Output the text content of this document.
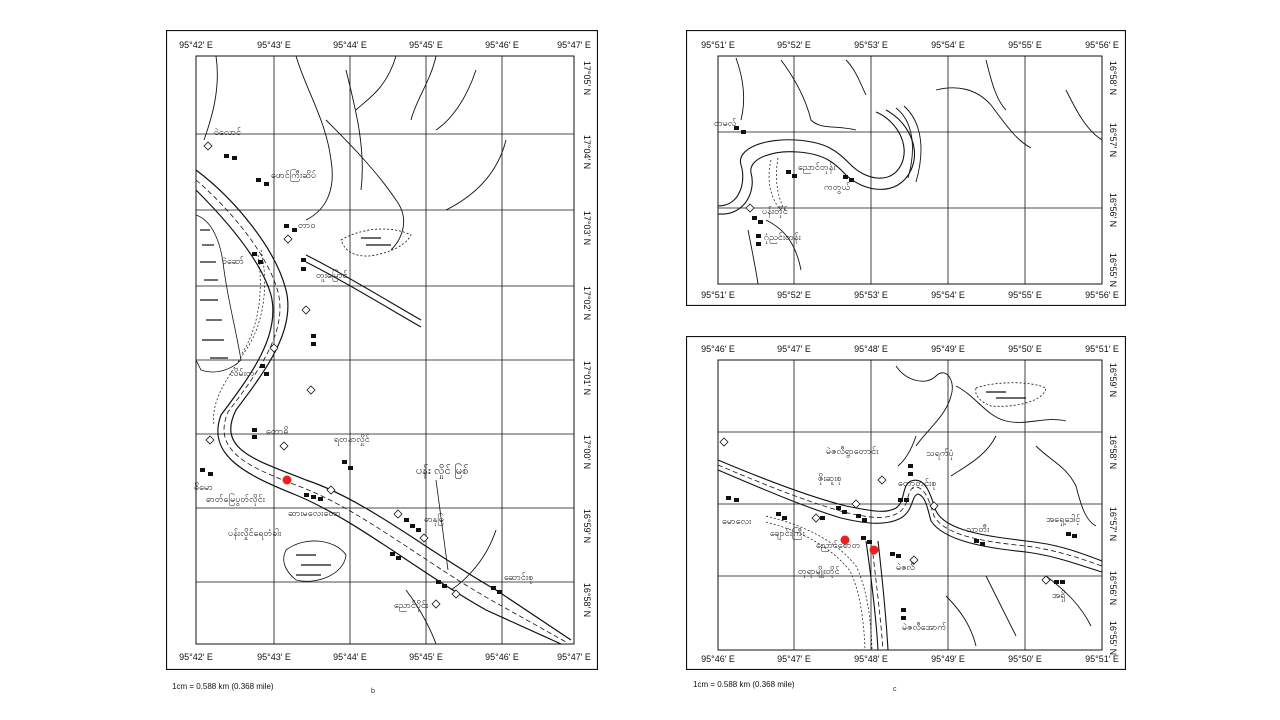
95°42′ E	95°43′ E	95°44′ E	95°45′ E	95°46′ E	95°47′ E
95°42′ E	95°43′ E	95°44′ E	95°45′ E	95°46′ E	95°47′ E
17°05′ N
17°04′ N
17°03′ N
17°02′ N
17°01′ N
17°00′ N
16°59′ N
16°58′ N
ဝဲလောင်
ဖောင်ကြီးဆိပ်
တာဝ
ဝဲဆော်
တူးမြောင်
လိမ်းတ
တောဓိ
ရတနာလှိုင်
ဓိမော
ဓာတ်မြေပွတ်လိုင်း
ဆားမလေးတော
ဓာနုမြ
ပန်းလှိုင်ရေတံခါး
ဆောင်းစု
ညောင်ပိုင်း
ပန်း လှိုင် မြစ်
1cm = 0.588 km (0.368 mile)
b
95°51′ E	95°52′ E	95°53′ E	95°54′ E	95°55′ E	95°56′ E
95°51′ E	95°52′ E	95°53′ E	95°54′ E	95°55′ E	95°56′ E
16°58′ N
16°57′ N
16°56′ N
16°55′ N
တမလ်
ညောင်တုန်း
ကတွယ်
ပန်းတိုင်
ဂုံညင်းတန်း
95°46′ E	95°47′ E	95°48′ E	95°49′ E	95°50′ E	95°51′ E
95°46′ E	95°47′ E	95°48′ E	95°49′ E	95°50′ E	95°51′ E
16°59′ N
16°58′ N
16°57′ N
16°56′ N
16°55′ N
မဲဇလီရွာတောင်း	သရက်ပုံ
ဇိုးဆူးစု	တော့တင်းစု
မောလေး
ချောင်းကြီး
ညောင်စောတ
သာတီး
အရှေ့ဒေါင့်
မဲဇလီ
တုရာမျိုးတိုင်
အရှိ
မဲဇလီအောက်
1cm = 0.588 km (0.368 mile)
c
